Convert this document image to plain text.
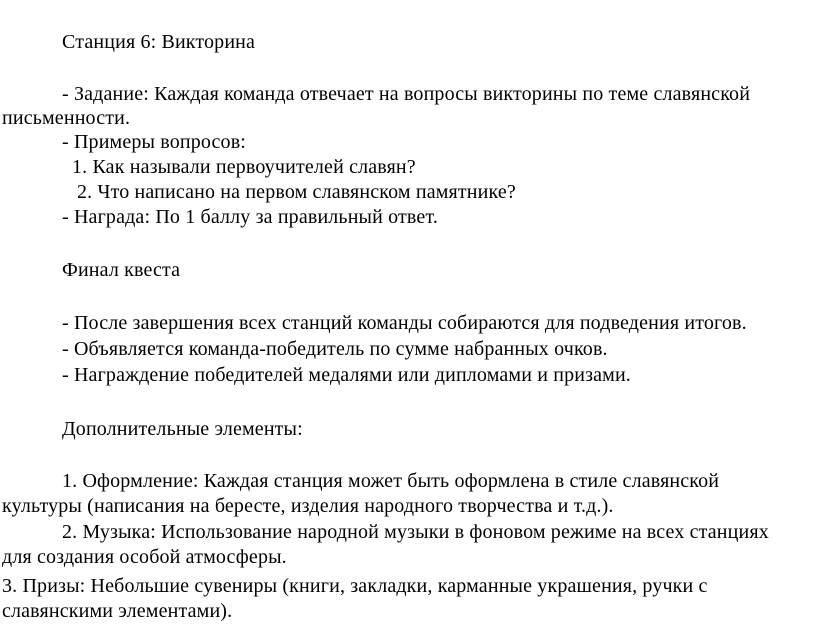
Станция 6: Викторина
- Задание: Каждая команда отвечает на вопросы викторины по теме славянской
письменности.
- Примеры вопросов:
1. Как называли первоучителей славян?
2. Что написано на первом славянском памятнике?
- Награда: По 1 баллу за правильный ответ.
Финал квеста
- После завершения всех станций команды собираются для подведения итогов.
- Объявляется команда-победитель по сумме набранных очков.
- Награждение победителей медалями или дипломами и призами.
Дополнительные элементы:
1. Оформление: Каждая станция может быть оформлена в стиле славянской
культуры (написания на бересте, изделия народного творчества и т.д.).
2. Музыка: Использование народной музыки в фоновом режиме на всех станциях
для создания особой атмосферы.
3. Призы: Небольшие сувениры (книги, закладки, карманные украшения, ручки с
славянскими элементами).
